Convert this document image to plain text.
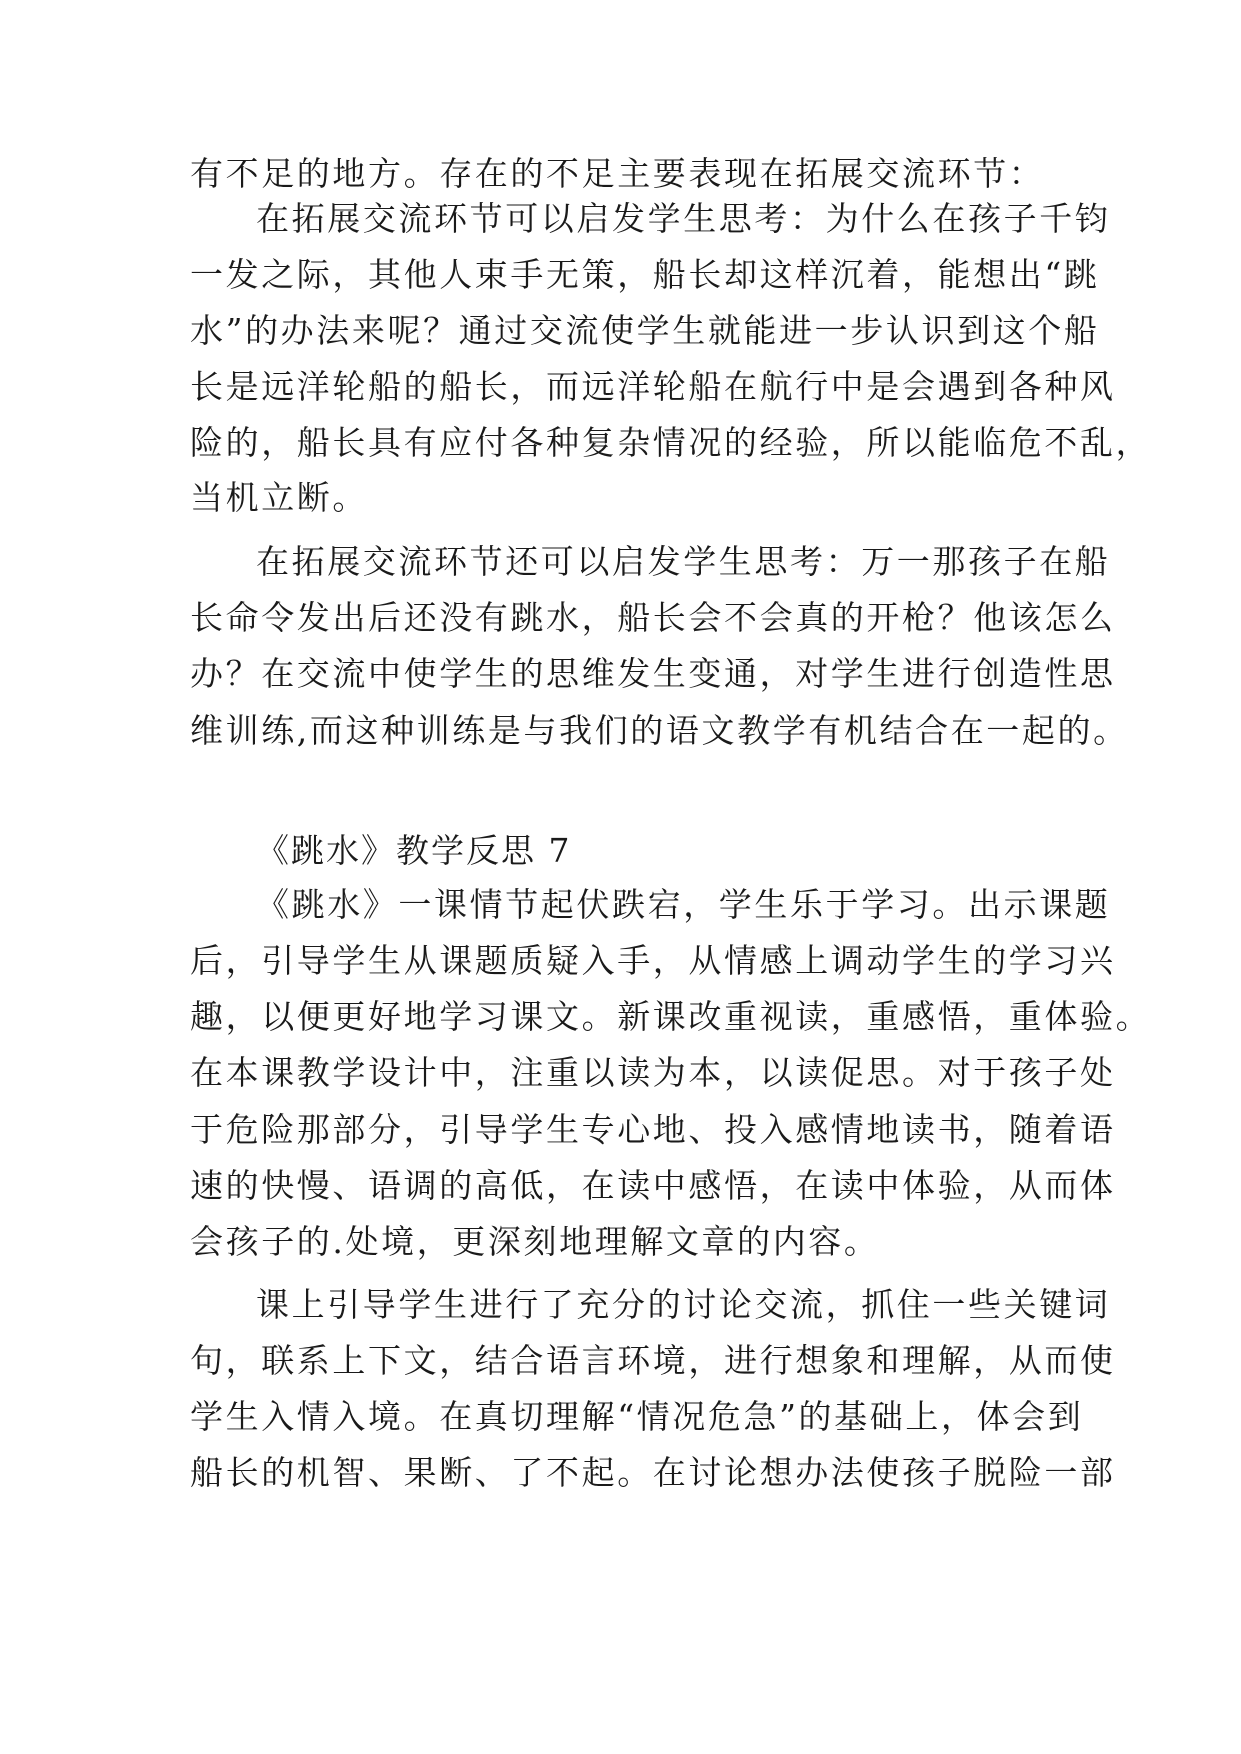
有不足的地方。存在的不足主要表现在拓展交流环节：
在拓展交流环节可以启发学生思考：为什么在孩子千钧
一发之际，其他人束手无策，船长却这样沉着，能想出“跳
水”的办法来呢？通过交流使学生就能进一步认识到这个船
长是远洋轮船的船长，而远洋轮船在航行中是会遇到各种风
险的，船长具有应付各种复杂情况的经验，所以能临危不乱，
当机立断。
在拓展交流环节还可以启发学生思考：万一那孩子在船
长命令发出后还没有跳水，船长会不会真的开枪？他该怎么
办？在交流中使学生的思维发生变通，对学生进行创造性思
维训练,而这种训练是与我们的语文教学有机结合在一起的。
《跳水》教学反思 7
《跳水》一课情节起伏跌宕，学生乐于学习。出示课题
后，引导学生从课题质疑入手，从情感上调动学生的学习兴
趣，以便更好地学习课文。新课改重视读，重感悟，重体验。
在本课教学设计中，注重以读为本，以读促思。对于孩子处
于危险那部分，引导学生专心地、投入感情地读书，随着语
速的快慢、语调的高低，在读中感悟，在读中体验，从而体
会孩子的.处境，更深刻地理解文章的内容。
课上引导学生进行了充分的讨论交流，抓住一些关键词
句，联系上下文，结合语言环境，进行想象和理解，从而使
学生入情入境。在真切理解“情况危急”的基础上，体会到
船长的机智、果断、了不起。在讨论想办法使孩子脱险一部
